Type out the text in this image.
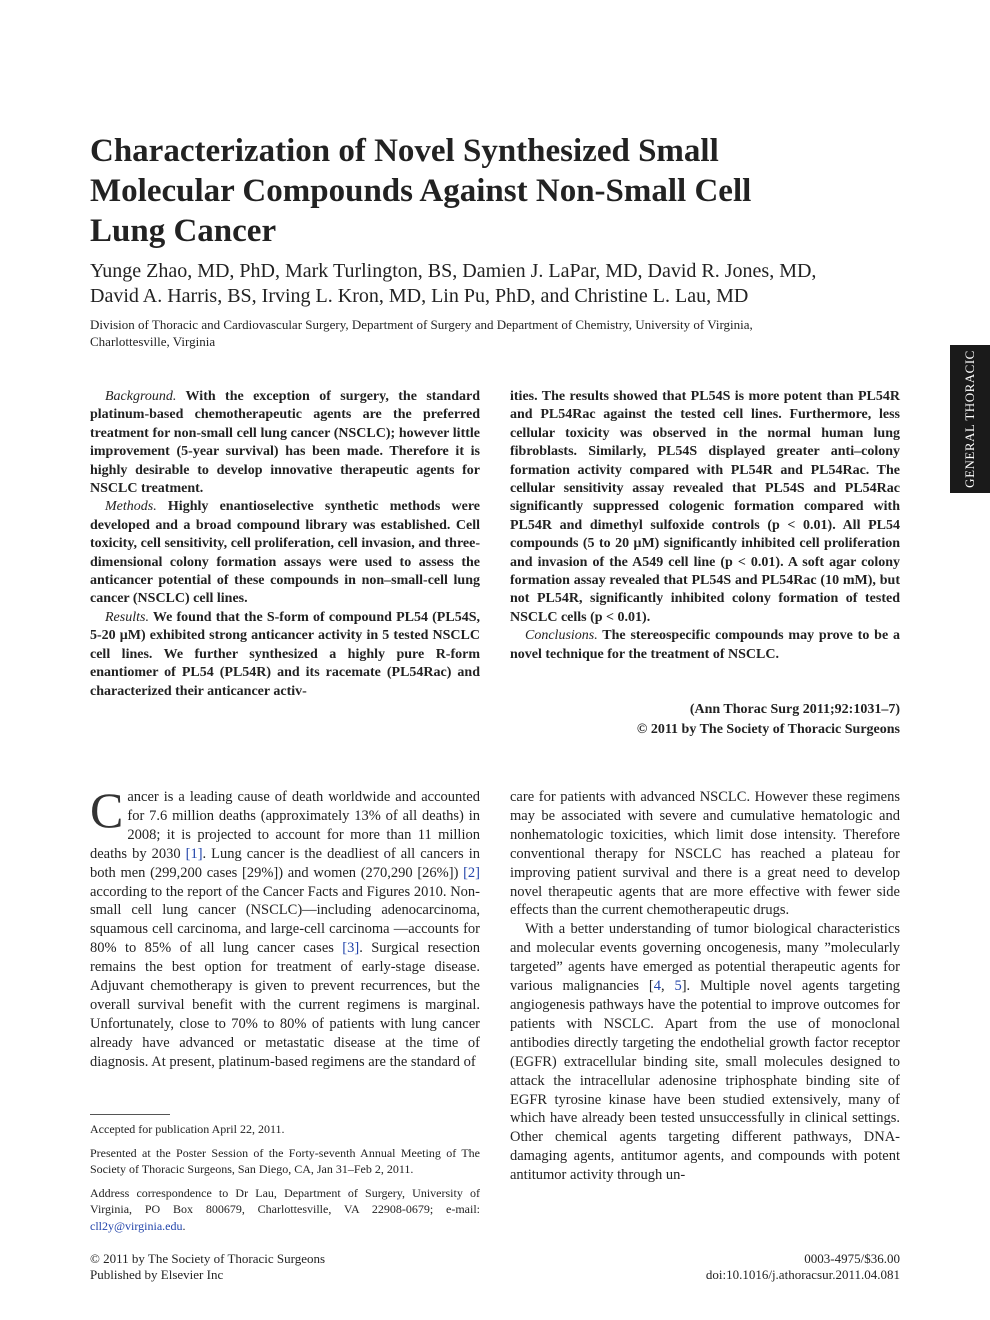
Characterization of Novel Synthesized Small
Molecular Compounds Against Non-Small Cell
Lung Cancer
Yunge Zhao, MD, PhD, Mark Turlington, BS, Damien J. LaPar, MD, David R. Jones, MD,
David A. Harris, BS, Irving L. Kron, MD, Lin Pu, PhD, and Christine L. Lau, MD
Division of Thoracic and Cardiovascular Surgery, Department of Surgery and Department of Chemistry, University of Virginia,
Charlottesville, Virginia
GENERAL THORACIC

Background. With the exception of surgery, the standard platinum-based chemotherapeutic agents are the preferred treatment for non-small cell lung cancer (NSCLC); however little improvement (5-year survival) has been made. Therefore it is highly desirable to develop innovative therapeutic agents for NSCLC treatment.

Methods. Highly enantioselective synthetic methods were developed and a broad compound library was established. Cell toxicity, cell sensitivity, cell proliferation, cell invasion, and three-dimensional colony formation assays were used to assess the anticancer potential of these compounds in non–small-cell lung cancer (NSCLC) cell lines.

Results. We found that the S-form of compound PL54 (PL54S, 5-20 μM) exhibited strong anticancer activity in 5 tested NSCLC cell lines. We further synthesized a highly pure R-form enantiomer of PL54 (PL54R) and its racemate (PL54Rac) and characterized their anticancer activ-

ities. The results showed that PL54S is more potent than PL54R and PL54Rac against the tested cell lines. Furthermore, less cellular toxicity was observed in the normal human lung fibroblasts. Similarly, PL54S displayed greater anti–colony formation activity compared with PL54R and PL54Rac. The cellular sensitivity assay revealed that PL54S and PL54Rac significantly suppressed cologenic formation compared with PL54R and dimethyl sulfoxide controls (p < 0.01). All PL54 compounds (5 to 20 μM) significantly inhibited cell proliferation and invasion of the A549 cell line (p < 0.01). A soft agar colony formation assay revealed that PL54S and PL54Rac (10 mM), but not PL54R, significantly inhibited colony formation of tested NSCLC cells (p < 0.01).

Conclusions. The stereospecific compounds may prove to be a novel technique for the treatment of NSCLC.

(Ann Thorac Surg 2011;92:1031–7)
© 2011 by The Society of Thoracic Surgeons

Cancer is a leading cause of death worldwide and accounted for 7.6 million deaths (approximately 13% of all deaths) in 2008; it is projected to account for more than 11 million deaths by 2030 [1]. Lung cancer is the deadliest of all cancers in both men (299,200 cases [29%]) and women (270,290 [26%]) [2] according to the report of the Cancer Facts and Figures 2010. Non-small cell lung cancer (NSCLC)—including adenocarcinoma, squamous cell carcinoma, and large-cell carcinoma —accounts for 80% to 85% of all lung cancer cases [3]. Surgical resection remains the best option for treatment of early-stage disease. Adjuvant chemotherapy is given to prevent recurrences, but the overall survival benefit with the current regimens is marginal. Unfortunately, close to 70% to 80% of patients with lung cancer already have advanced or metastatic disease at the time of diagnosis. At present, platinum-based regimens are the standard of

care for patients with advanced NSCLC. However these regimens may be associated with severe and cumulative hematologic and nonhematologic toxicities, which limit dose intensity. Therefore conventional therapy for NSCLC has reached a plateau for improving patient survival and there is a great need to develop novel therapeutic agents that are more effective with fewer side effects than the current chemotherapeutic drugs.

With a better understanding of tumor biological characteristics and molecular events governing oncogenesis, many ”molecularly targeted” agents have emerged as potential therapeutic agents for various malignancies [4, 5]. Multiple novel agents targeting angiogenesis pathways have the potential to improve outcomes for patients with NSCLC. Apart from the use of monoclonal antibodies directly targeting the endothelial growth factor receptor (EGFR) extracellular binding site, small molecules designed to attack the intracellular adenosine triphosphate binding site of EGFR tyrosine kinase have been studied extensively, many of which have already been tested unsuccessfully in clinical settings. Other chemical agents targeting different pathways, DNA-damaging agents, antitumor agents, and compounds with potent antitumor activity through un-

Accepted for publication April 22, 2011.

Presented at the Poster Session of the Forty-seventh Annual Meeting of The Society of Thoracic Surgeons, San Diego, CA, Jan 31–Feb 2, 2011.

Address correspondence to Dr Lau, Department of Surgery, University of Virginia, PO Box 800679, Charlottesville, VA 22908-0679; e-mail: cll2y@virginia.edu.

© 2011 by The Society of Thoracic Surgeons
Published by Elsevier Inc
0003-4975/$36.00
doi:10.1016/j.athoracsur.2011.04.081
